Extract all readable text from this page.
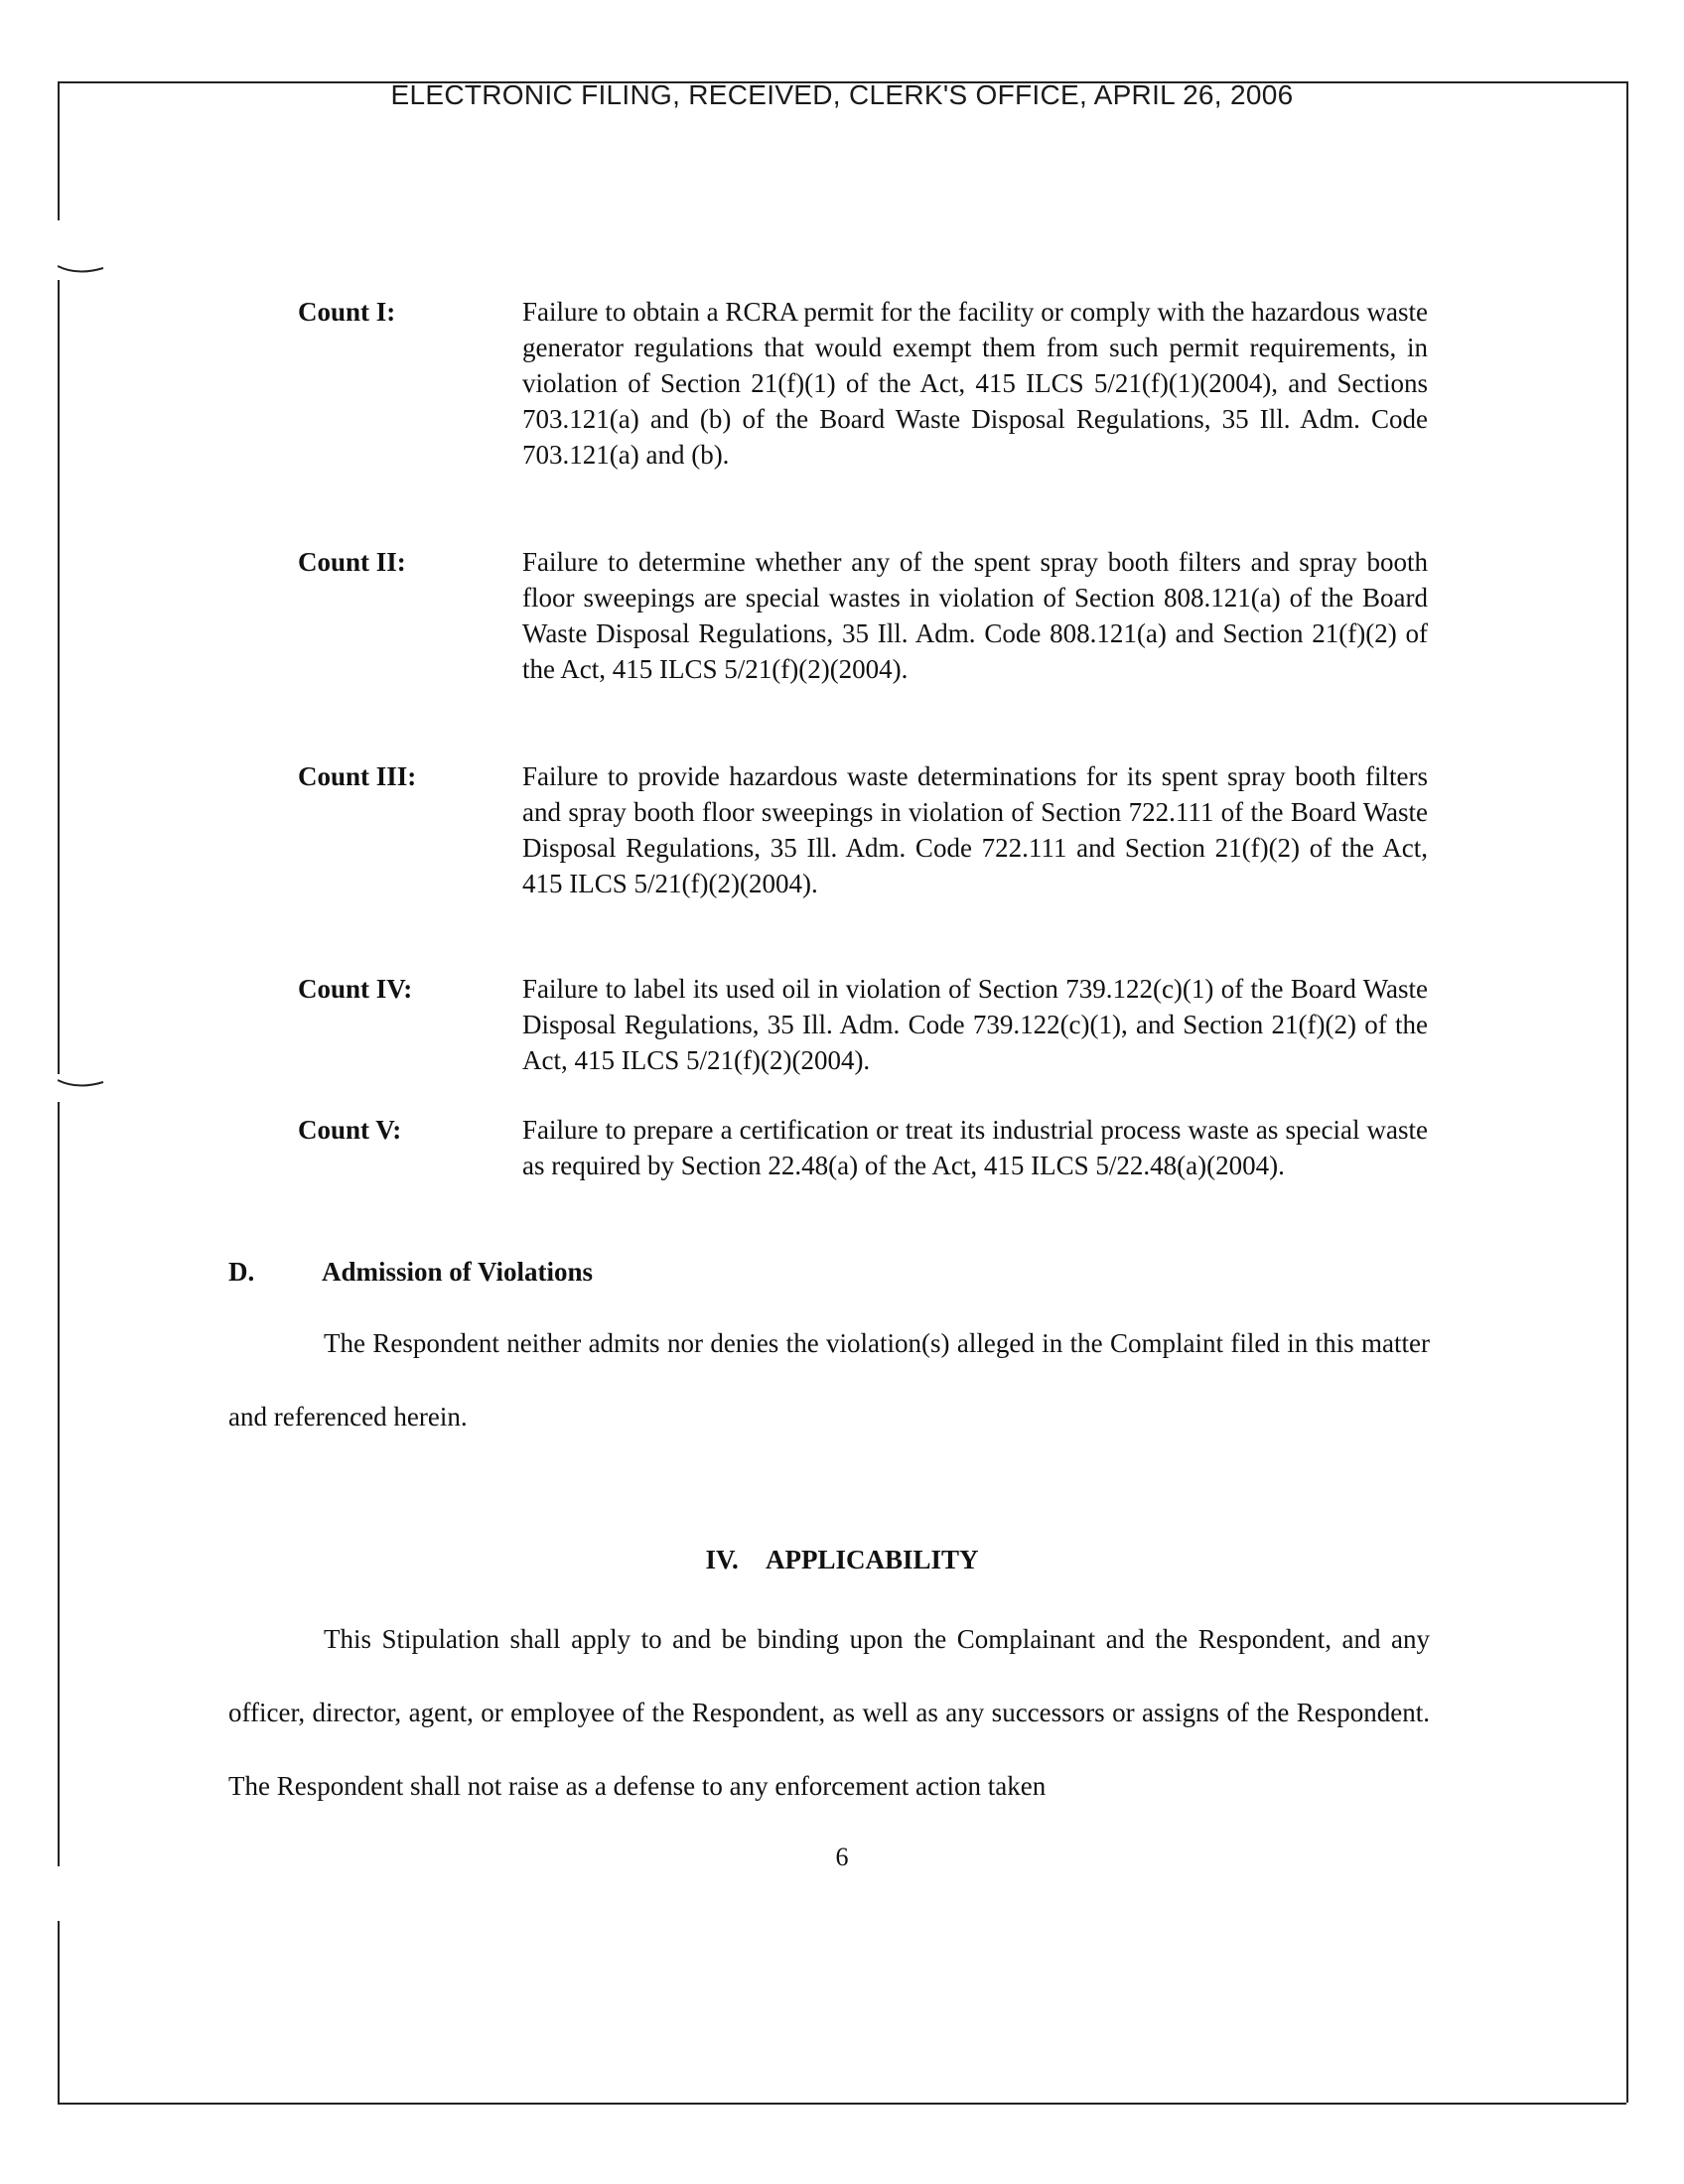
ELECTRONIC FILING, RECEIVED, CLERK'S OFFICE, APRIL 26, 2006
Count I:	Failure to obtain a RCRA permit for the facility or comply with the hazardous waste generator regulations that would exempt them from such permit requirements, in violation of Section 21(f)(1) of the Act, 415 ILCS 5/21(f)(1)(2004), and Sections 703.121(a) and (b) of the Board Waste Disposal Regulations, 35 Ill. Adm. Code 703.121(a) and (b).
Count II:	Failure to determine whether any of the spent spray booth filters and spray booth floor sweepings are special wastes in violation of Section 808.121(a) of the Board Waste Disposal Regulations, 35 Ill. Adm. Code 808.121(a) and Section 21(f)(2) of the Act, 415 ILCS 5/21(f)(2)(2004).
Count III:	Failure to provide hazardous waste determinations for its spent spray booth filters and spray booth floor sweepings in violation of Section 722.111 of the Board Waste Disposal Regulations, 35 Ill. Adm. Code 722.111 and Section 21(f)(2) of the Act, 415 ILCS 5/21(f)(2)(2004).
Count IV:	Failure to label its used oil in violation of Section 739.122(c)(1) of the Board Waste Disposal Regulations, 35 Ill. Adm. Code 739.122(c)(1), and Section 21(f)(2) of the Act, 415 ILCS 5/21(f)(2)(2004).
Count V:	Failure to prepare a certification or treat its industrial process waste as special waste as required by Section 22.48(a) of the Act, 415 ILCS 5/22.48(a)(2004).
D.	Admission of Violations
The Respondent neither admits nor denies the violation(s) alleged in the Complaint filed in this matter and referenced herein.
IV. APPLICABILITY
This Stipulation shall apply to and be binding upon the Complainant and the Respondent, and any officer, director, agent, or employee of the Respondent, as well as any successors or assigns of the Respondent. The Respondent shall not raise as a defense to any enforcement action taken
6
